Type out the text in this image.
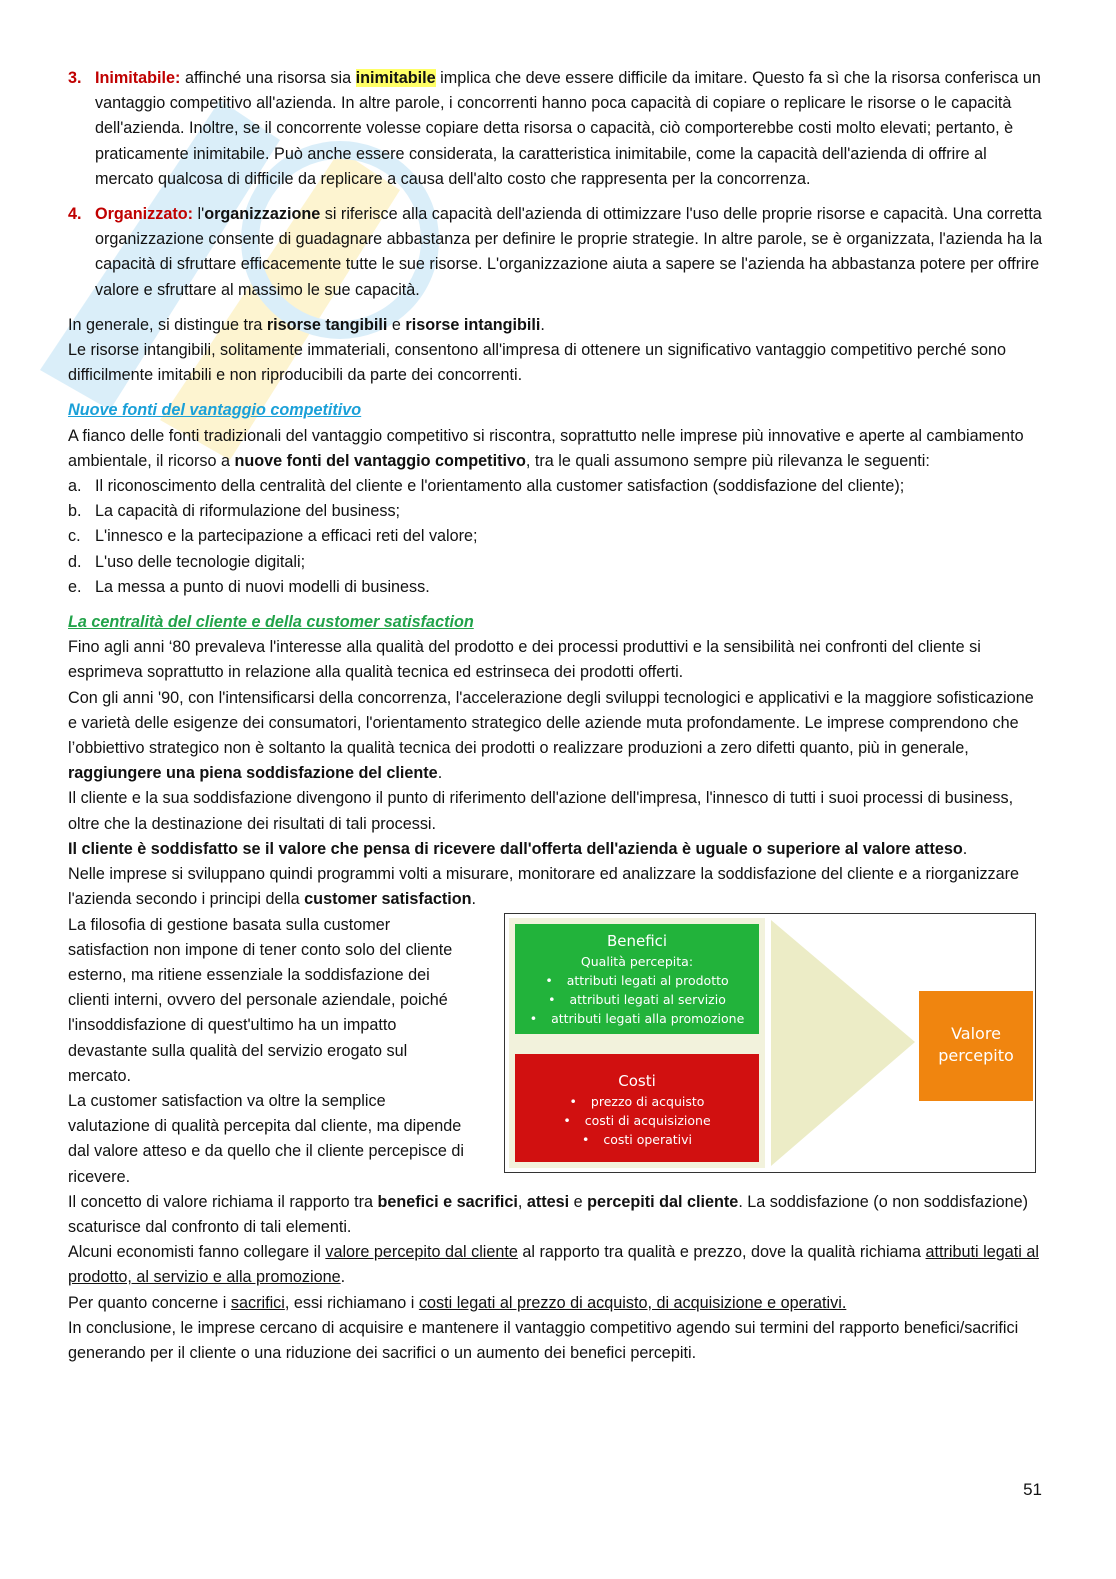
3. Inimitabile: affinché una risorsa sia inimitabile implica che deve essere difficile da imitare. Questo fa sì che la risorsa conferisca un vantaggio competitivo all'azienda. In altre parole, i concorrenti hanno poca capacità di copiare o replicare le risorse o le capacità dell'azienda. Inoltre, se il concorrente volesse copiare detta risorsa o capacità, ciò comporterebbe costi molto elevati; pertanto, è praticamente inimitabile. Può anche essere considerata, la caratteristica inimitabile, come la capacità dell'azienda di offrire al mercato qualcosa di difficile da replicare a causa dell'alto costo che rappresenta per la concorrenza.
4. Organizzato: l'organizzazione si riferisce alla capacità dell'azienda di ottimizzare l'uso delle proprie risorse e capacità. Una corretta organizzazione consente di guadagnare abbastanza per definire le proprie strategie. In altre parole, se è organizzata, l'azienda ha la capacità di sfruttare efficacemente tutte le sue risorse. L'organizzazione aiuta a sapere se l'azienda ha abbastanza potere per offrire valore e sfruttare al massimo le sue capacità.

In generale, si distingue tra risorse tangibili e risorse intangibili.

Le risorse intangibili, solitamente immateriali, consentono all'impresa di ottenere un significativo vantaggio competitivo perché sono difficilmente imitabili e non riproducibili da parte dei concorrenti.

Nuove fonti del vantaggio competitivo

A fianco delle fonti tradizionali del vantaggio competitivo si riscontra, soprattutto nelle imprese più innovative e aperte al cambiamento ambientale, il ricorso a nuove fonti del vantaggio competitivo, tra le quali assumono sempre più rilevanza le seguenti:

a. Il riconoscimento della centralità del cliente e l'orientamento alla customer satisfaction (soddisfazione del cliente);
b. La capacità di riformulazione del business;
c. L'innesco e la partecipazione a efficaci reti del valore;
d. L'uso delle tecnologie digitali;
e. La messa a punto di nuovi modelli di business.

La centralità del cliente e della customer satisfaction

Fino agli anni ‘80 prevaleva l'interesse alla qualità del prodotto e dei processi produttivi e la sensibilità nei confronti del cliente si esprimeva soprattutto in relazione alla qualità tecnica ed estrinseca dei prodotti offerti.

Con gli anni '90, con l'intensificarsi della concorrenza, l'accelerazione degli sviluppi tecnologici e applicativi e la maggiore sofisticazione e varietà delle esigenze dei consumatori, l'orientamento strategico delle aziende muta profondamente. Le imprese comprendono che l’obbiettivo strategico non è soltanto la qualità tecnica dei prodotti o realizzare produzioni a zero difetti quanto, più in generale, raggiungere una piena soddisfazione del cliente.

Il cliente e la sua soddisfazione divengono il punto di riferimento dell'azione dell'impresa, l'innesco di tutti i suoi processi di business, oltre che la destinazione dei risultati di tali processi.

Il cliente è soddisfatto se il valore che pensa di ricevere dall'offerta dell'azienda è uguale o superiore al valore atteso.

Nelle imprese si sviluppano quindi programmi volti a misurare, monitorare ed analizzare la soddisfazione del cliente e a riorganizzare l'azienda secondo i principi della customer satisfaction.

La filosofia di gestione basata sulla customer satisfaction non impone di tener conto solo del cliente esterno, ma ritiene essenziale la soddisfazione dei clienti interni, ovvero del personale aziendale, poiché l'insoddisfazione di quest'ultimo ha un impatto devastante sulla qualità del servizio erogato sul mercato.

La customer satisfaction va oltre la semplice valutazione di qualità percepita dal cliente, ma dipende dal valore atteso e da quello che il cliente percepisce di ricevere.

Benefici
Qualità percepita:
• attributi legati al prodotto
• attributi legati al servizio
• attributi legati alla promozione
Costi
• prezzo di acquisto
• costi di acquisizione
• costi operativi
Valore
percepito

Il concetto di valore richiama il rapporto tra benefici e sacrifici, attesi e percepiti dal cliente. La soddisfazione (o non soddisfazione) scaturisce dal confronto di tali elementi.

Alcuni economisti fanno collegare il valore percepito dal cliente al rapporto tra qualità e prezzo, dove la qualità richiama attributi legati al prodotto, al servizio e alla promozione.

Per quanto concerne i sacrifici, essi richiamano i costi legati al prezzo di acquisto, di acquisizione e operativi.

In conclusione, le imprese cercano di acquisire e mantenere il vantaggio competitivo agendo sui termini del rapporto benefici/sacrifici generando per il cliente o una riduzione dei sacrifici o un aumento dei benefici percepiti.

51
